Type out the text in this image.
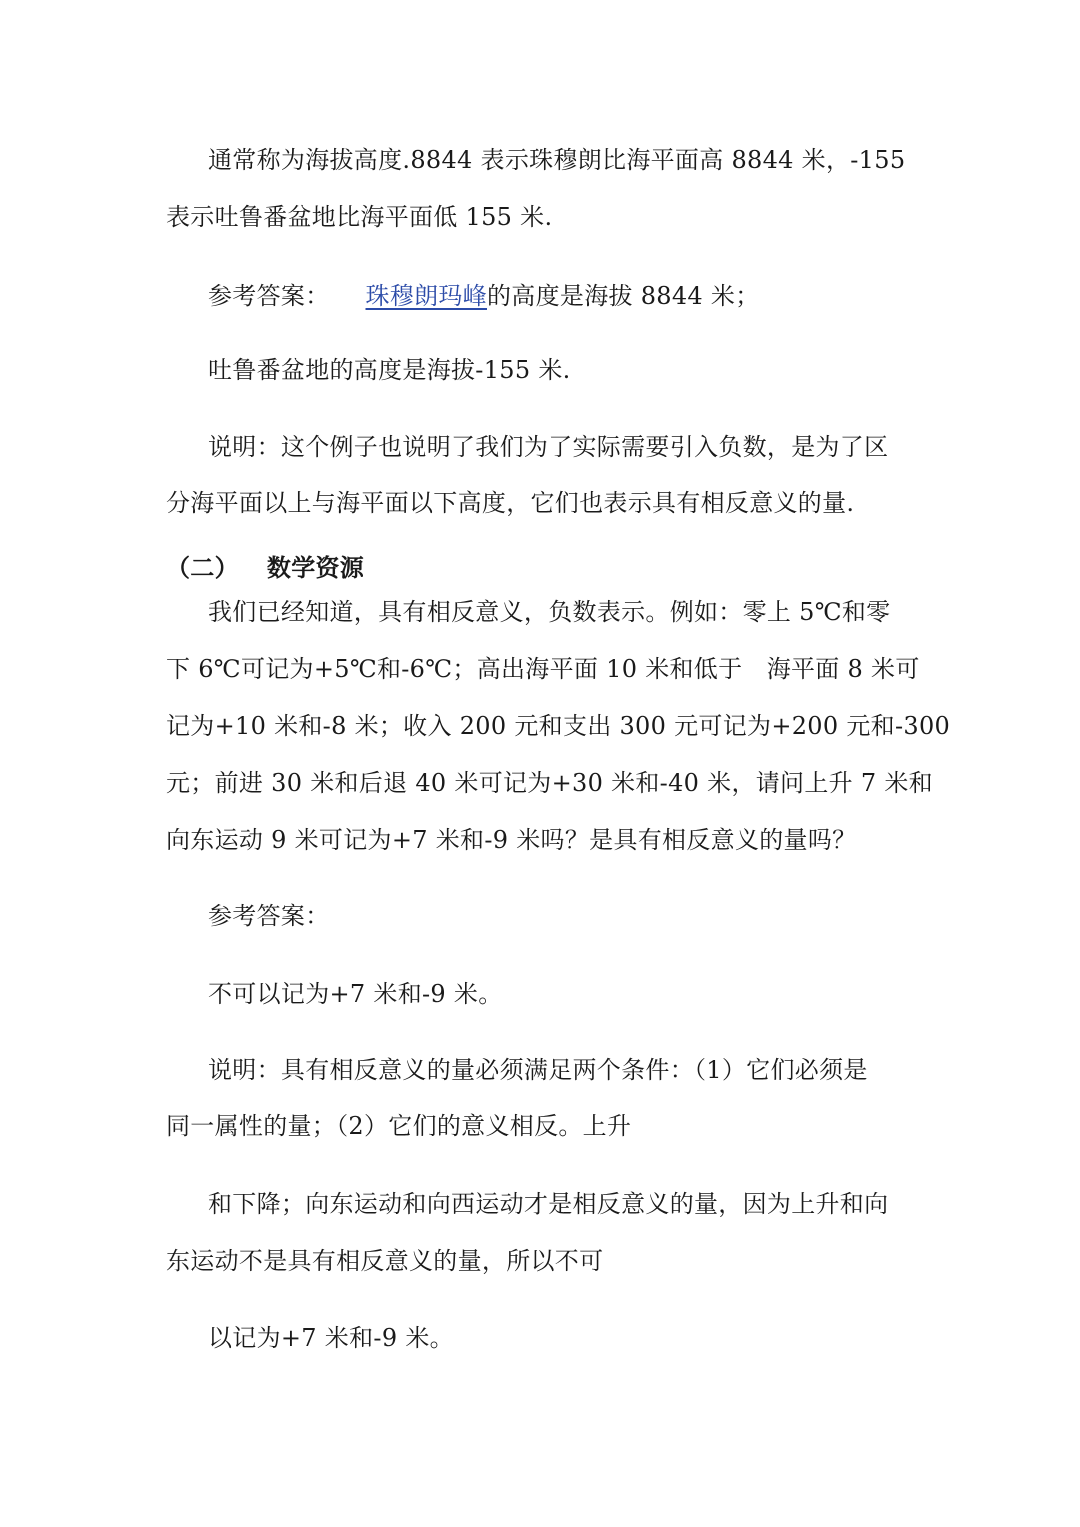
通常称为海拔高度.8844 表示珠穆朗比海平面高 8844 米，-155
表示吐鲁番盆地比海平面低 155 米.
参考答案： 珠穆朗玛峰的高度是海拔 8844 米；
吐鲁番盆地的高度是海拔-155 米.
说明：这个例子也说明了我们为了实际需要引入负数，是为了区
分海平面以上与海平面以下高度，它们也表示具有相反意义的量.
（二） 数学资源
我们已经知道，具有相反意义，负数表示。例如：零上 5℃和零
下 6℃可记为+5℃和-6℃；高出海平面 10 米和低于　海平面 8 米可
记为+10 米和-8 米；收入 200 元和支出 300 元可记为+200 元和-300
元；前进 30 米和后退 40 米可记为+30 米和-40 米，请问上升 7 米和
向东运动 9 米可记为+7 米和-9 米吗？是具有相反意义的量吗？
参考答案：
不可以记为+7 米和-9 米。
说明：具有相反意义的量必须满足两个条件：（1）它们必须是
同一属性的量；（2）它们的意义相反。上升
和下降；向东运动和向西运动才是相反意义的量，因为上升和向
东运动不是具有相反意义的量，所以不可
以记为+7 米和-9 米。
